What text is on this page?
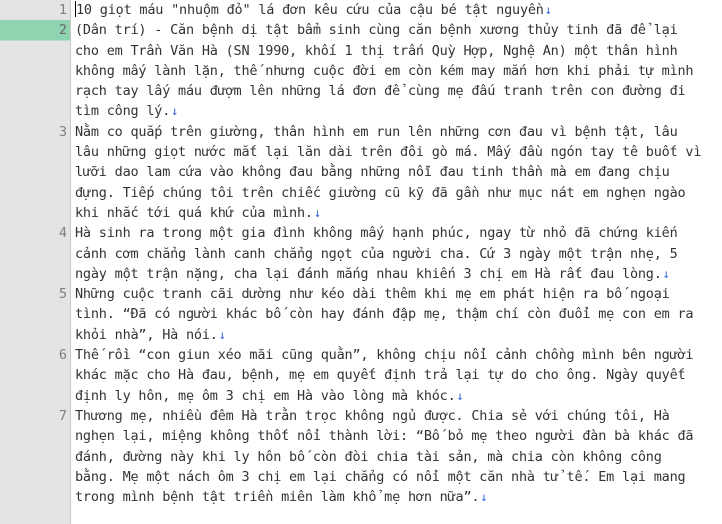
1 10 giọt máu "nhuộm đỏ" lá đơn kêu cứu của cậu bé tật nguyền↓
2 (Dân trí) - Căn bệnh dị tật bẩm sinh cùng căn bệnh xương thủy tinh đã để lại
cho em Trần Văn Hà (SN 1990, khối 1 thị trấn Quỳ Hợp, Nghệ An) một thân hình
không mấy lành lặn, thế nhưng cuộc đời em còn kém may mắn hơn khi phải tự mình
rạch tay lấy máu đượm lên những lá đơn để cùng mẹ đấu tranh trên con đường đi
tìm công lý.↓
3 Nằm co quắp trên giường, thân hình em run lên những cơn đau vì bệnh tật, lâu
lâu những giọt nước mắt lại lăn dài trên đôi gò má. Mấy đầu ngón tay tê buốt vì
lưỡi dao lam cứa vào không đau bằng những nỗi đau tinh thần mà em đang chịu
đựng. Tiếp chúng tôi trên chiếc giường cũ kỹ đã gần như mục nát em nghẹn ngào
khi nhắc tới quá khứ của mình.↓
4 Hà sinh ra trong một gia đình không mấy hạnh phúc, ngay từ nhỏ đã chứng kiến
cảnh cơm chẳng lành canh chẳng ngọt của người cha. Cứ 3 ngày một trận nhẹ, 5
ngày một trận nặng, cha lại đánh mắng nhau khiến 3 chị em Hà rất đau lòng.↓
5 Những cuộc tranh cãi dường như kéo dài thêm khi mẹ em phát hiện ra bố ngoại
tình. “Đã có người khác bố còn hay đánh đập mẹ, thậm chí còn đuổi mẹ con em ra
khỏi nhà”, Hà nói.↓
6 Thế rồi “con giun xéo mãi cũng quằn”, không chịu nổi cảnh chồng mình bên người
khác mặc cho Hà đau, bệnh, mẹ em quyết định trả lại tự do cho ông. Ngày quyết
định ly hôn, mẹ ôm 3 chị em Hà vào lòng mà khóc.↓
7 Thương mẹ, nhiều đêm Hà trằn trọc không ngủ được. Chia sẻ với chúng tôi, Hà
nghẹn lại, miệng không thốt nổi thành lời: “Bố bỏ mẹ theo người đàn bà khác đã
đánh, đường này khi ly hôn bố còn đòi chia tài sản, mà chia còn không công
bằng. Mẹ một nách ôm 3 chị em lại chẳng có nổi một căn nhà tử tế. Em lại mang
trong mình bệnh tật triền miên làm khổ mẹ hơn nữa”.↓
